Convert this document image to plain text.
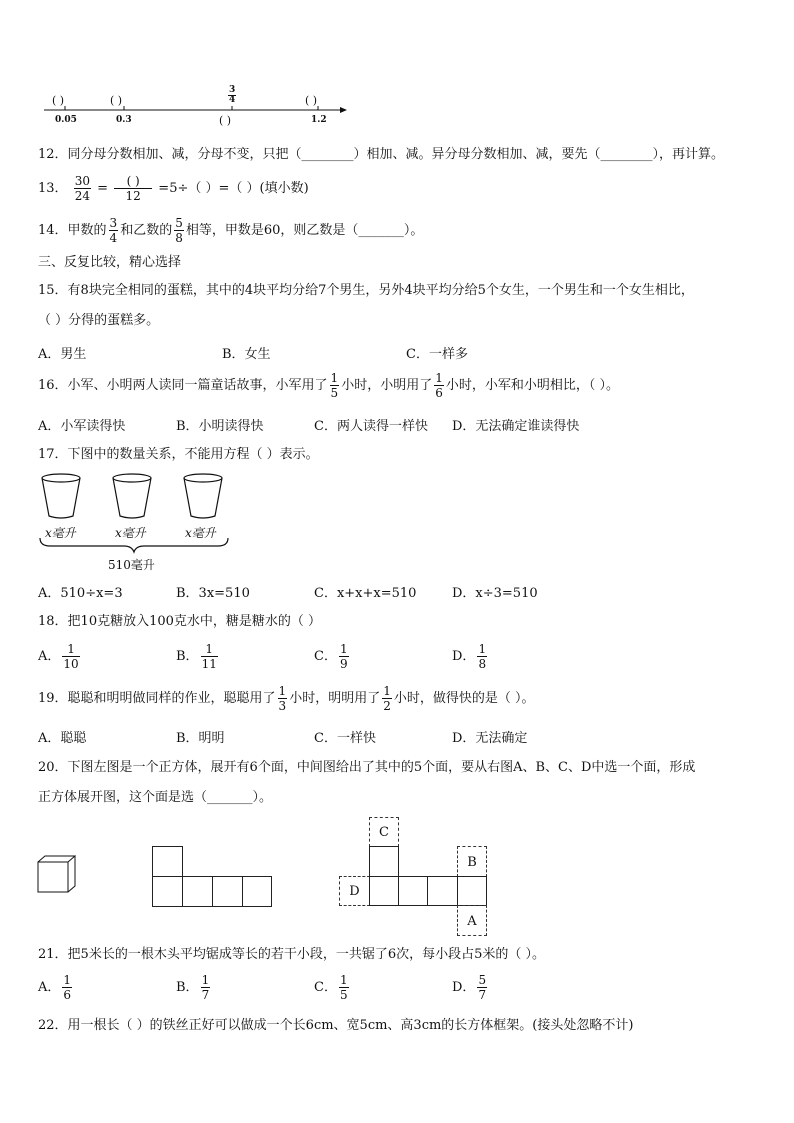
( )	( )	( )
0.05	0.3	1.2
$\frac{3}{4}$
( )
12．同分母分数相加、减，分母不变，只把（________）相加、减。异分母分数相加、减，要先（________），再计算。
13． $\frac{30}{24} = \frac{( )}{12} =5\div$（ ）=（ ）(填小数)
14．甲数的 $\frac{3}{4}$ 和乙数的 $\frac{5}{8}$ 相等，甲数是60，则乙数是（_______）。
三、反复比较，精心选择
15．有8块完全相同的蛋糕，其中的4块平均分给7个男生，另外4块平均分给5个女生，一个男生和一个女生相比，
（ ）分得的蛋糕多。
A．男生	B．女生	C．一样多
16．小军、小明两人读同一篇童话故事，小军用了 $\frac{1}{5}$ 小时，小明用了 $\frac{1}{6}$ 小时，小军和小明相比，（ ）。
A．小军读得快	B．小明读得快	C．两人读得一样快 D．无法确定谁读得快
17．下图中的数量关系，不能用方程（ ）表示。
x毫升	x毫升	x毫升
510毫升
A．510÷x=3	B．3x=510	C．x+x+x=510	D．x÷3=510
18．把10克糖放入100克水中，糖是糖水的（ ）
A． $\frac{1}{10}$	B． $\frac{1}{11}$	C． $\frac{1}{9}$	D． $\frac{1}{8}$
19．聪聪和明明做同样的作业，聪聪用了 $\frac{1}{3}$ 小时，明明用了 $\frac{1}{2}$ 小时，做得快的是（ ）。
A．聪聪	B．明明	C．一样快	D．无法确定
20．下图左图是一个正方体，展开有6个面，中间图给出了其中的5个面，要从右图A、B、C、D中选一个面，形成
正方体展开图，这个面是选（_______）。
C
B
D
A
21．把5米长的一根木头平均锯成等长的若干小段，一共锯了6次，每小段占5米的（ ）。
A． $\frac{1}{6}$	B． $\frac{1}{7}$	C． $\frac{1}{5}$	D． $\frac{5}{7}$
22．用一根长（ ）的铁丝正好可以做成一个长6cm、宽5cm、高3cm的长方体框架。(接头处忽略不计)
